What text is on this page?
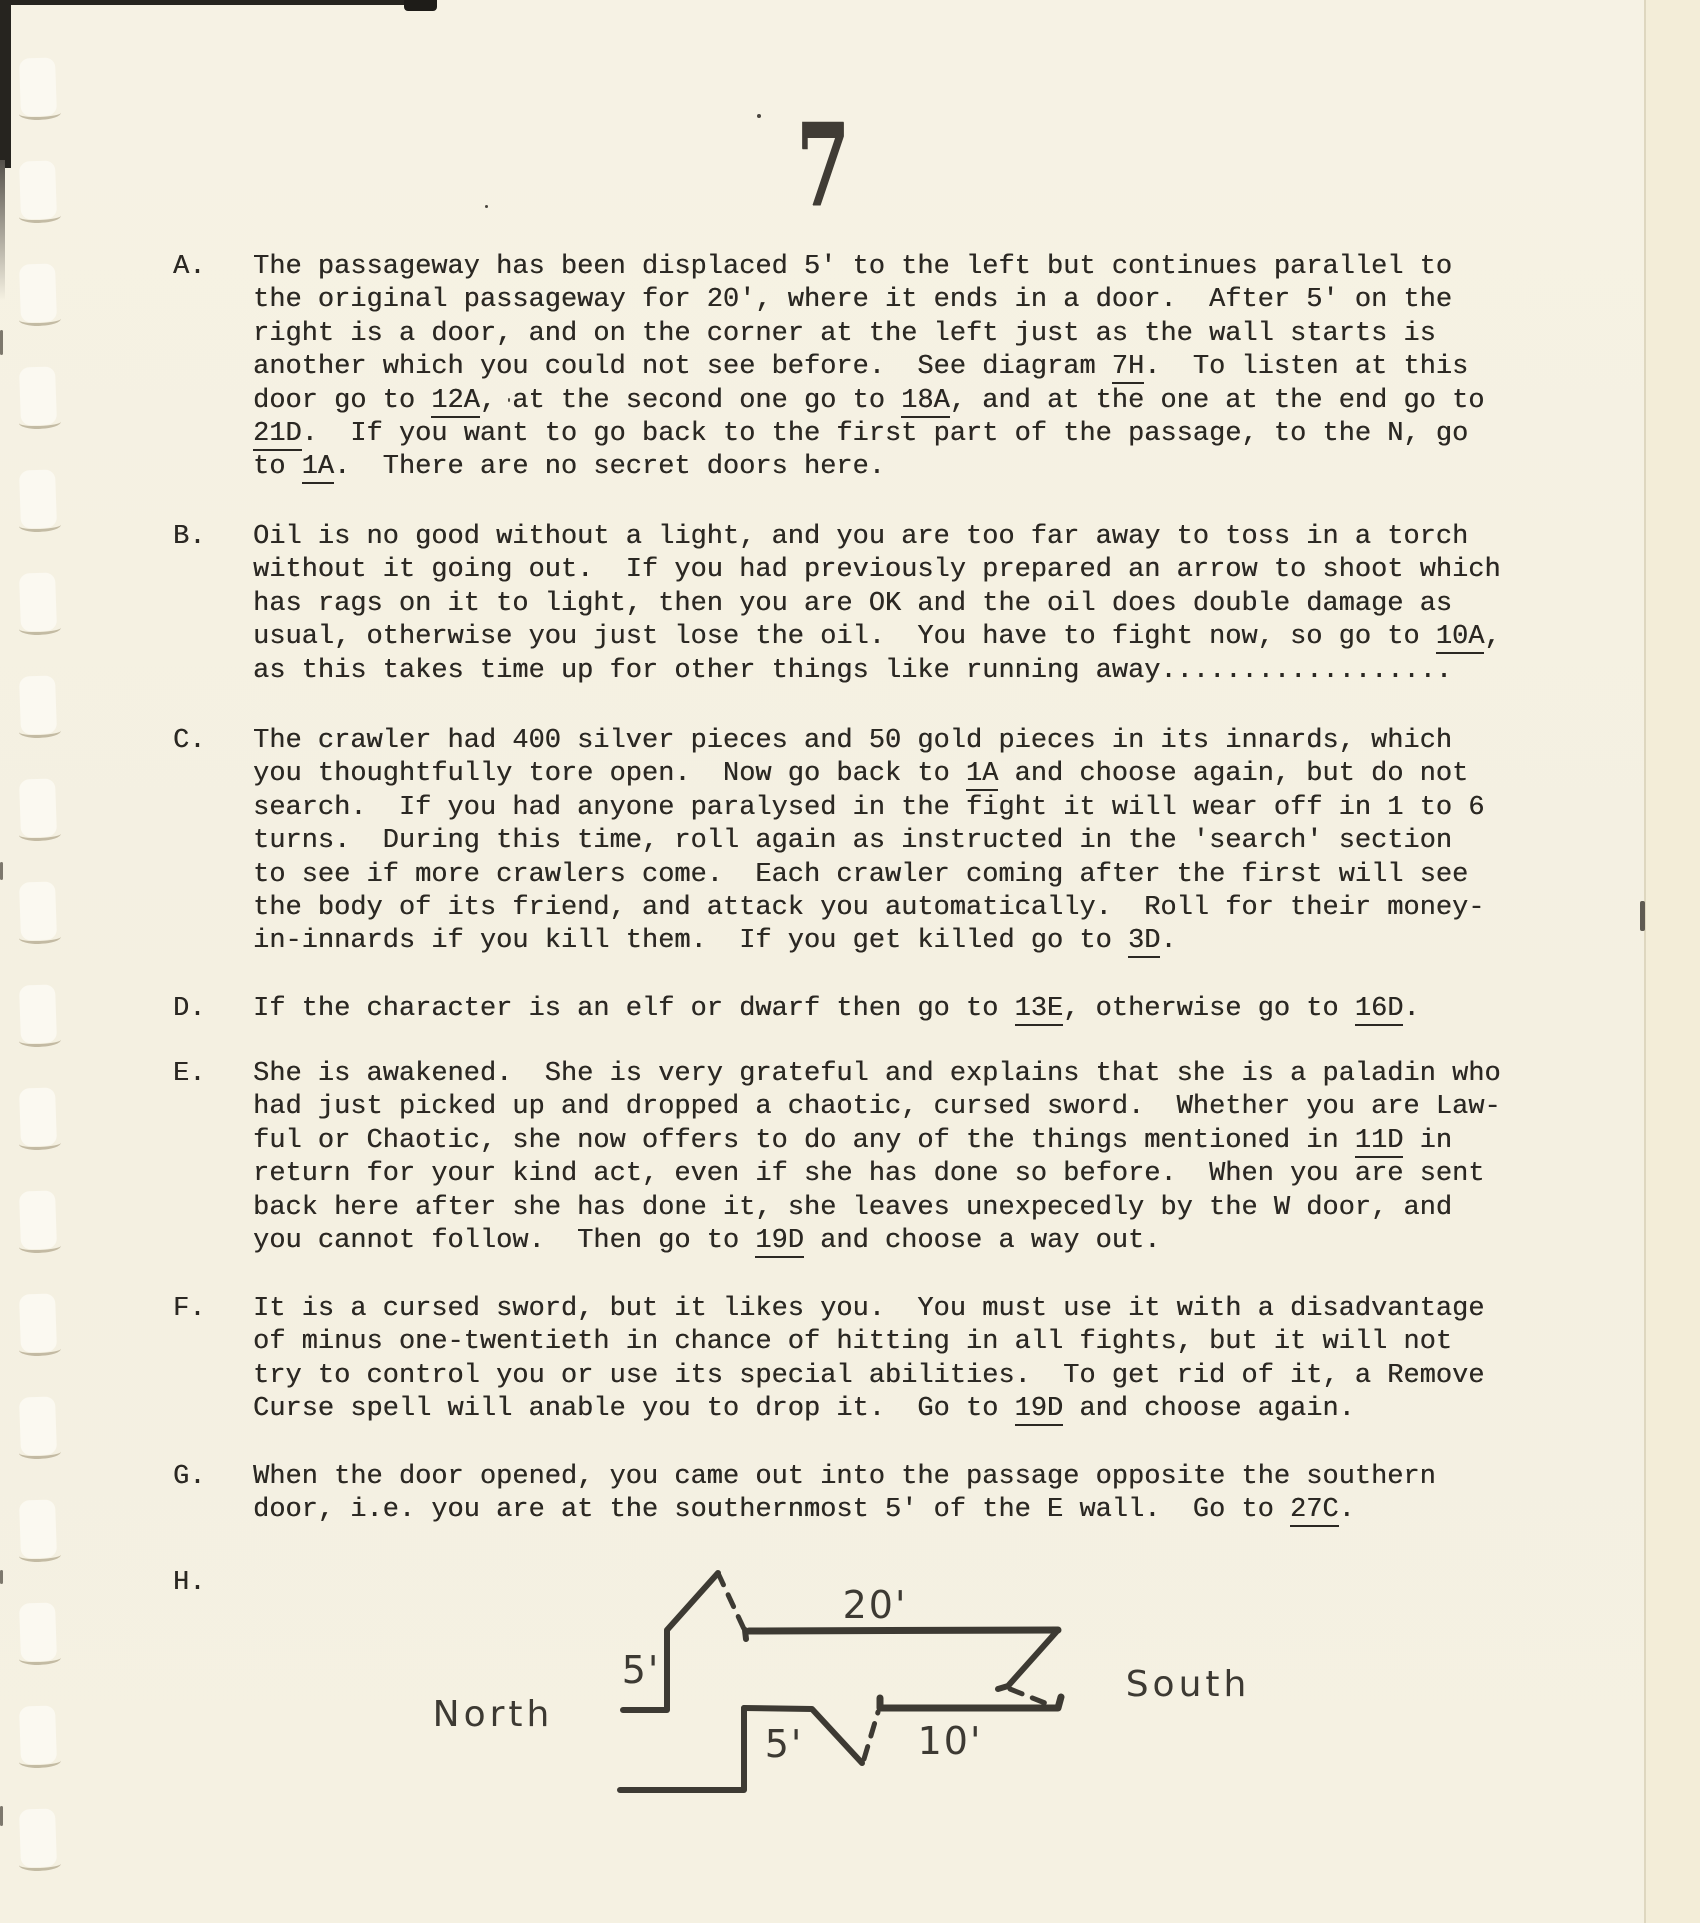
7
A. The passageway has been displaced 5' to the left but continues parallel to
the original passageway for 20', where it ends in a door.  After 5' on the
right is a door, and on the corner at the left just as the wall starts is
another which you could not see before.  See diagram 7H.  To listen at this
door go to 12A, at the second one go to 18A, and at the one at the end go to
21D.  If you want to go back to the first part of the passage, to the N, go
to 1A.  There are no secret doors here.
B. Oil is no good without a light, and you are too far away to toss in a torch
without it going out.  If you had previously prepared an arrow to shoot which
has rags on it to light, then you are OK and the oil does double damage as
usual, otherwise you just lose the oil.  You have to fight now, so go to 10A,
as this takes time up for other things like running away..................
C. The crawler had 400 silver pieces and 50 gold pieces in its innards, which
you thoughtfully tore open.  Now go back to 1A and choose again, but do not
search.  If you had anyone paralysed in the fight it will wear off in 1 to 6
turns.  During this time, roll again as instructed in the 'search' section
to see if more crawlers come.  Each crawler coming after the first will see
the body of its friend, and attack you automatically.  Roll for their money-
in-innards if you kill them.  If you get killed go to 3D.
D. If the character is an elf or dwarf then go to 13E, otherwise go to 16D.
E. She is awakened.  She is very grateful and explains that she is a paladin who
had just picked up and dropped a chaotic, cursed sword.  Whether you are Law-
ful or Chaotic, she now offers to do any of the things mentioned in 11D in
return for your kind act, even if she has done so before.  When you are sent
back here after she has done it, she leaves unexpecedly by the W door, and
you cannot follow.  Then go to 19D and choose a way out.
F. It is a cursed sword, but it likes you.  You must use it with a disadvantage
of minus one-twentieth in chance of hitting in all fights, but it will not
try to control you or use its special abilities.  To get rid of it, a Remove
Curse spell will anable you to drop it.  Go to 19D and choose again.
G. When the door opened, you came out into the passage opposite the southern
door, i.e. you are at the southernmost 5' of the E wall.  Go to 27C.
H.	20'
5'
5'	10'
North
South
